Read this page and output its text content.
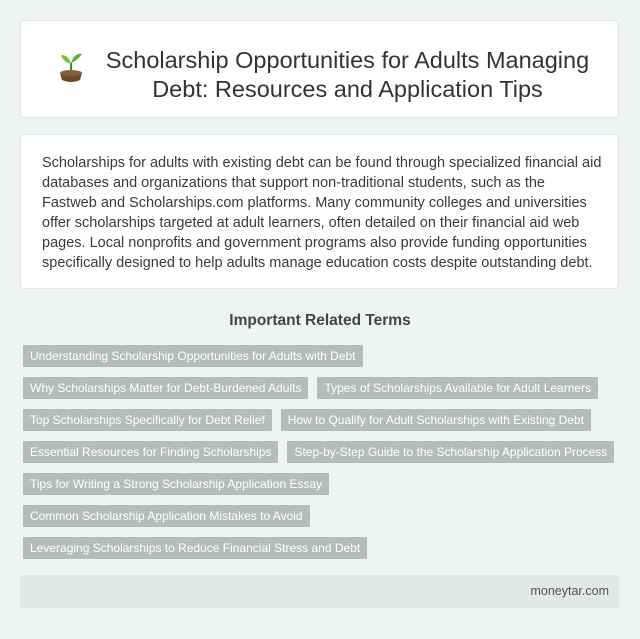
Scholarship Opportunities for Adults Managing
Debt: Resources and Application Tips

Scholarships for adults with existing debt can be found through specialized financial aid databases and organizations that support non-traditional students, such as the Fastweb and Scholarships.com platforms. Many community colleges and universities offer scholarships targeted at adult learners, often detailed on their financial aid web pages. Local nonprofits and government programs also provide funding opportunities specifically designed to help adults manage education costs despite outstanding debt.

Important Related Terms
Understanding Scholarship Opportunities for Adults with Debt
Why Scholarships Matter for Debt-Burdened Adults	Types of Scholarships Available for Adult Learners
Top Scholarships Specifically for Debt Relief	How to Qualify for Adult Scholarships with Existing Debt
Essential Resources for Finding Scholarships	Step-by-Step Guide to the Scholarship Application Process
Tips for Writing a Strong Scholarship Application Essay
Common Scholarship Application Mistakes to Avoid
Leveraging Scholarships to Reduce Financial Stress and Debt
moneytar.com
